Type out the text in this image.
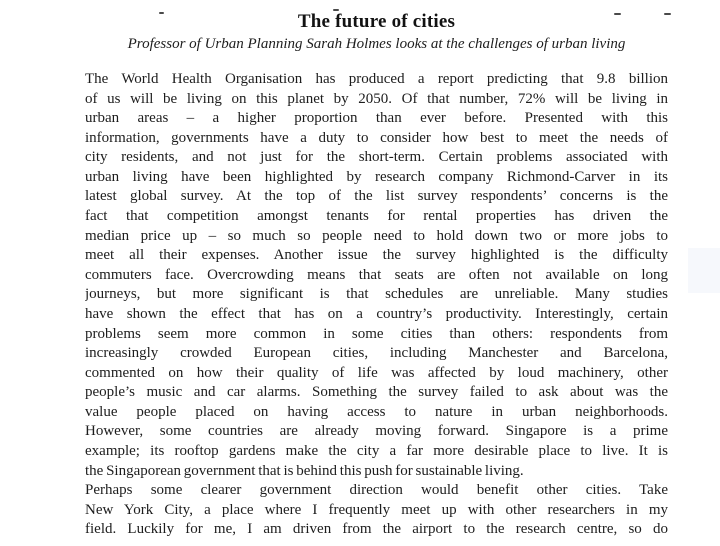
The future of cities
Professor of Urban Planning Sarah Holmes looks at the challenges of urban living
The World Health Organisation has produced a report predicting that 9.8 billion
of us will be living on this planet by 2050. Of that number, 72% will be living in
urban areas – a higher proportion than ever before. Presented with this
information, governments have a duty to consider how best to meet the needs of
city residents, and not just for the short-term. Certain problems associated with
urban living have been highlighted by research company Richmond-Carver in its
latest global survey. At the top of the list survey respondents’ concerns is the
fact that competition amongst tenants for rental properties has driven the
median price up – so much so people need to hold down two or more jobs to
meet all their expenses. Another issue the survey highlighted is the difficulty
commuters face. Overcrowding means that seats are often not available on long
journeys, but more significant is that schedules are unreliable. Many studies
have shown the effect that has on a country’s productivity. Interestingly, certain
problems seem more common in some cities than others: respondents from
increasingly crowded European cities, including Manchester and Barcelona,
commented on how their quality of life was affected by loud machinery, other
people’s music and car alarms. Something the survey failed to ask about was the
value people placed on having access to nature in urban neighborhoods.
However, some countries are already moving forward. Singapore is a prime
example; its rooftop gardens make the city a far more desirable place to live. It is
the Singaporean government that is behind this push for sustainable living.
Perhaps some clearer government direction would benefit other cities. Take
New York City, a place where I frequently meet up with other researchers in my
field. Luckily for me, I am driven from the airport to the research centre, so do
